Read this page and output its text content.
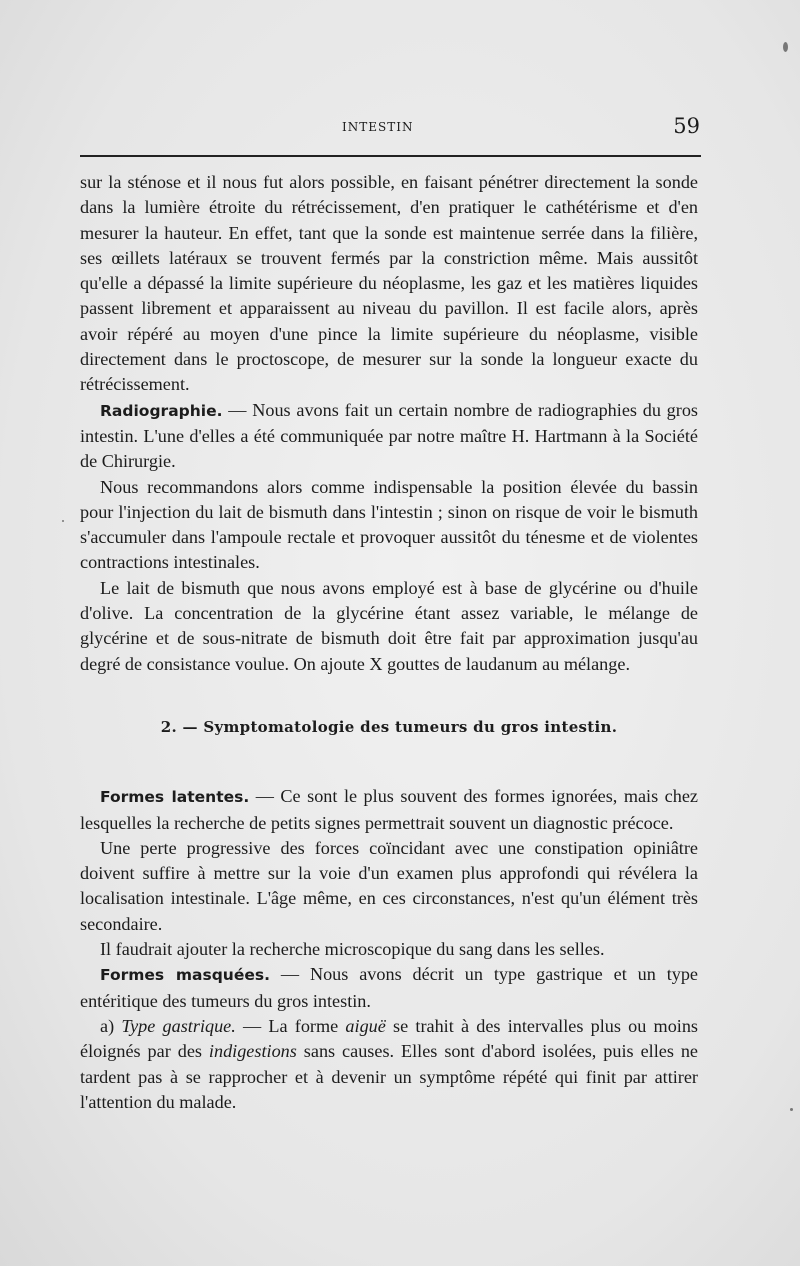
INTESTIN	59

sur la sténose et il nous fut alors possible, en faisant pénétrer directement la sonde dans la lumière étroite du rétrécissement, d'en pratiquer le cathétérisme et d'en mesurer la hauteur. En effet, tant que la sonde est maintenue serrée dans la filière, ses œillets latéraux se trouvent fermés par la constriction même. Mais aussitôt qu'elle a dépassé la limite supérieure du néoplasme, les gaz et les matières liquides passent librement et apparaissent au niveau du pavillon. Il est facile alors, après avoir répéré au moyen d'une pince la limite supérieure du néoplasme, visible directement dans le proctoscope, de mesurer sur la sonde la longueur exacte du rétrécissement.

Radiographie. — Nous avons fait un certain nombre de radiographies du gros intestin. L'une d'elles a été communiquée par notre maître H. Hartmann à la Société de Chirurgie.

Nous recommandons alors comme indispensable la position élevée du bassin pour l'injection du lait de bismuth dans l'intestin ; sinon on risque de voir le bismuth s'accumuler dans l'ampoule rectale et provoquer aussitôt du ténesme et de violentes contractions intestinales.

Le lait de bismuth que nous avons employé est à base de glycérine ou d'huile d'olive. La concentration de la glycérine étant assez variable, le mélange de glycérine et de sous-nitrate de bismuth doit être fait par approximation jusqu'au degré de consistance voulue. On ajoute X gouttes de laudanum au mélange.

2. — Symptomatologie des tumeurs du gros intestin.

Formes latentes. — Ce sont le plus souvent des formes ignorées, mais chez lesquelles la recherche de petits signes permettrait souvent un diagnostic précoce.

Une perte progressive des forces coïncidant avec une constipation opiniâtre doivent suffire à mettre sur la voie d'un examen plus approfondi qui révélera la localisation intestinale. L'âge même, en ces circonstances, n'est qu'un élément très secondaire.

Il faudrait ajouter la recherche microscopique du sang dans les selles.

Formes masquées. — Nous avons décrit un type gastrique et un type entéritique des tumeurs du gros intestin.

a) Type gastrique. — La forme aiguë se trahit à des intervalles plus ou moins éloignés par des indigestions sans causes. Elles sont d'abord isolées, puis elles ne tardent pas à se rapprocher et à devenir un symptôme répété qui finit par attirer l'attention du malade.
